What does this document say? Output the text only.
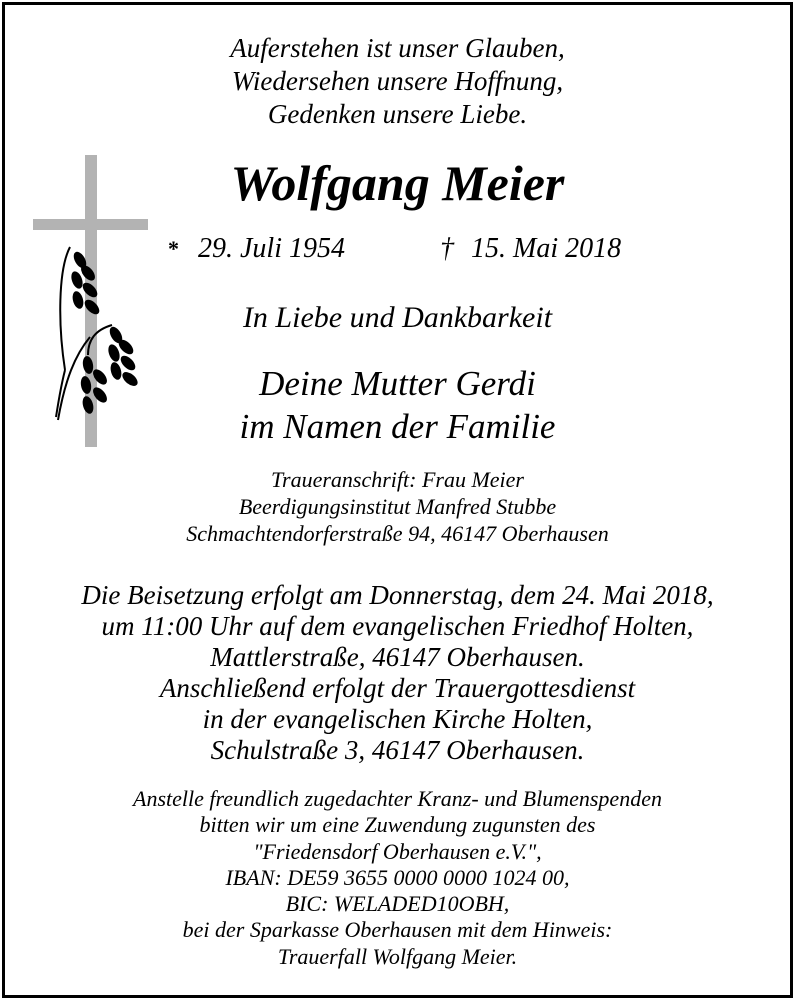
Auferstehen ist unser Glauben,
Wiedersehen unsere Hoffnung,
Gedenken unsere Liebe.
Wolfgang Meier
* 29. Juli 1954	† 15. Mai 2018
In Liebe und Dankbarkeit
Deine Mutter Gerdi
im Namen der Familie
Traueranschrift: Frau Meier
Beerdigungsinstitut Manfred Stubbe
Schmachtendorferstraße 94, 46147 Oberhausen
Die Beisetzung erfolgt am Donnerstag, dem 24. Mai 2018,
um 11:00 Uhr auf dem evangelischen Friedhof Holten,
Mattlerstraße, 46147 Oberhausen.
Anschließend erfolgt der Trauergottesdienst
in der evangelischen Kirche Holten,
Schulstraße 3, 46147 Oberhausen.
Anstelle freundlich zugedachter Kranz- und Blumenspenden
bitten wir um eine Zuwendung zugunsten des
"Friedensdorf Oberhausen e.V.",
IBAN: DE59 3655 0000 0000 1024 00,
BIC: WELADED10OBH,
bei der Sparkasse Oberhausen mit dem Hinweis:
Trauerfall Wolfgang Meier.
